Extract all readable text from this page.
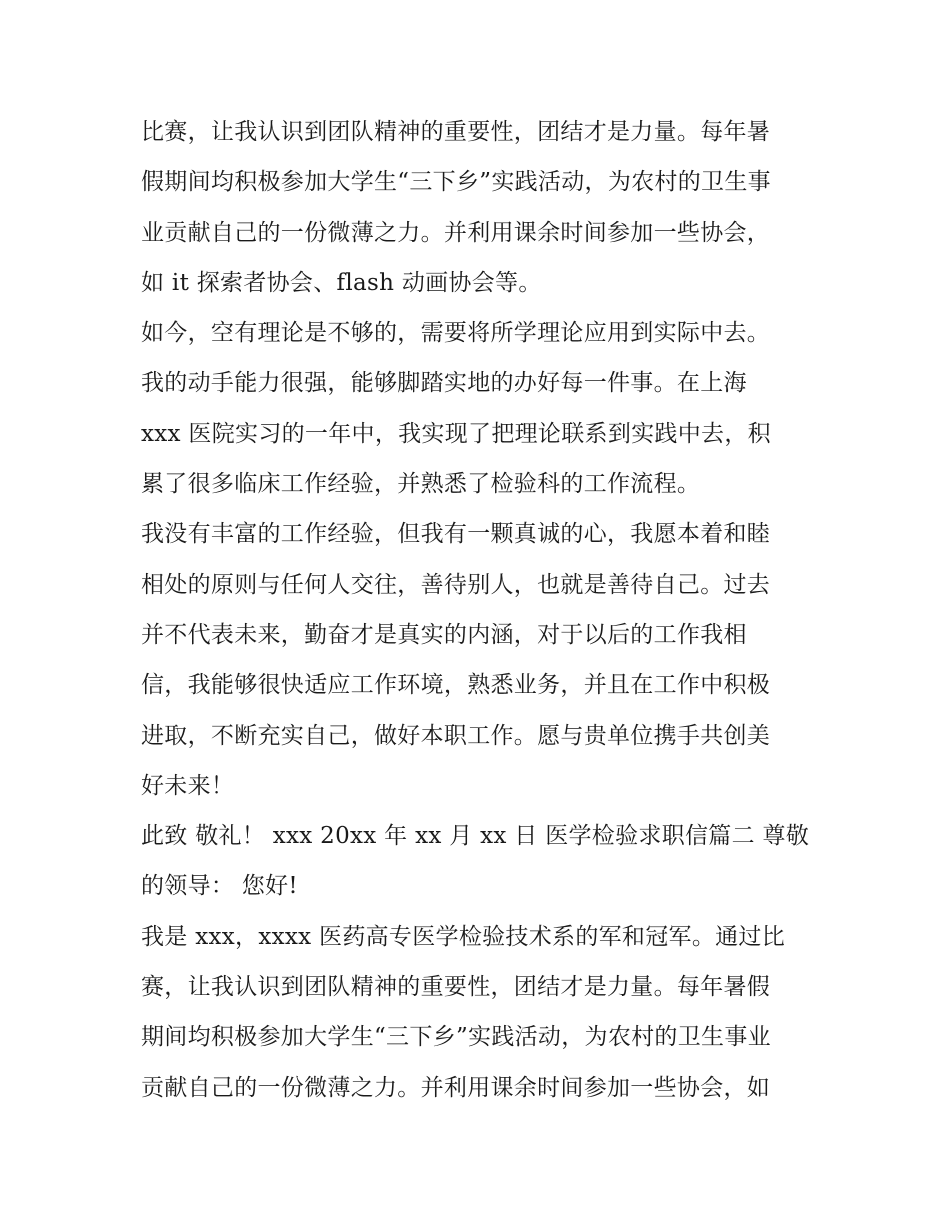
比赛，让我认识到团队精神的重要性，团结才是力量。每年暑
假期间均积极参加大学生“三下乡”实践活动，为农村的卫生事
业贡献自己的一份微薄之力。并利用课余时间参加一些协会，
如 it 探索者协会、flash 动画协会等。
如今，空有理论是不够的，需要将所学理论应用到实际中去。
我的动手能力很强，能够脚踏实地的办好每一件事。在上海
xxx 医院实习的一年中，我实现了把理论联系到实践中去，积
累了很多临床工作经验，并熟悉了检验科的工作流程。
我没有丰富的工作经验，但我有一颗真诚的心，我愿本着和睦
相处的原则与任何人交往，善待别人，也就是善待自己。过去
并不代表未来，勤奋才是真实的内涵，对于以后的工作我相
信，我能够很快适应工作环境，熟悉业务，并且在工作中积极
进取，不断充实自己，做好本职工作。愿与贵单位携手共创美
好未来！
此致 敬礼！ xxx 20xx 年 xx 月 xx 日 医学检验求职信篇二 尊敬
的领导： 您好!
我是 xxx，xxxx 医药高专医学检验技术系的军和冠军。通过比
赛，让我认识到团队精神的重要性，团结才是力量。每年暑假
期间均积极参加大学生“三下乡”实践活动，为农村的卫生事业
贡献自己的一份微薄之力。并利用课余时间参加一些协会，如
